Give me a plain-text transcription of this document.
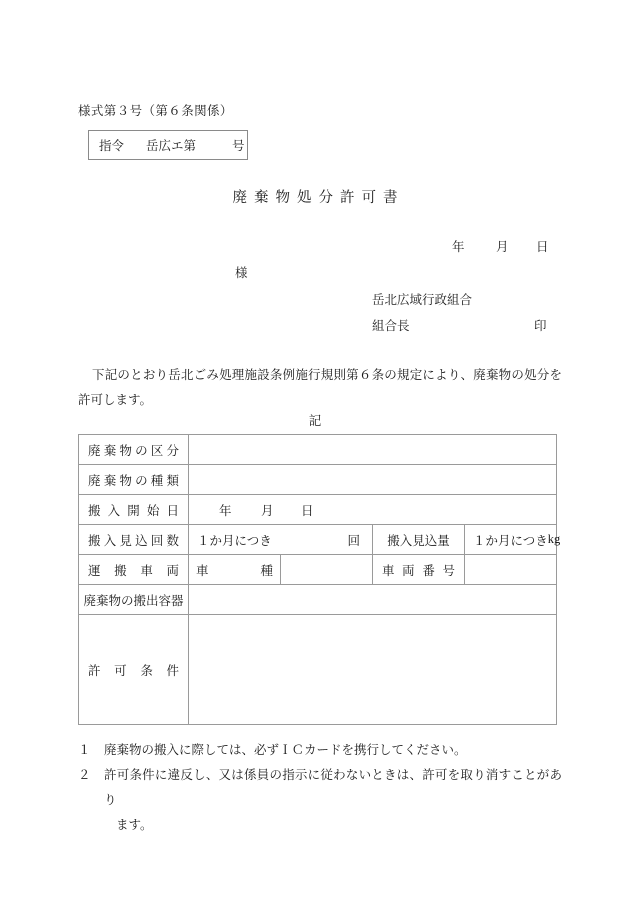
様式第３号（第６条関係）
指令	岳広エ第	号
廃棄物処分許可書
年	月 日
様
岳北広域行政組合
組合長	印
下記のとおり岳北ごみ処理施設条例施行規則第６条の規定により、廃棄物の処分を許可します。
記
廃棄物の区分				
廃棄物の種類				
搬入開始日	年 月 日			
搬入見込回数	１か月につき 回		搬入見込量	１か月につき kg

運搬車両	車　種		車両番号	
廃棄物の搬出容器				
許可条件				
１	廃棄物の搬入に際しては、必ずＩＣカードを携行してください。
２	許可条件に違反し、又は係員の指示に従わないときは、許可を取り消すことがあり
ます。
